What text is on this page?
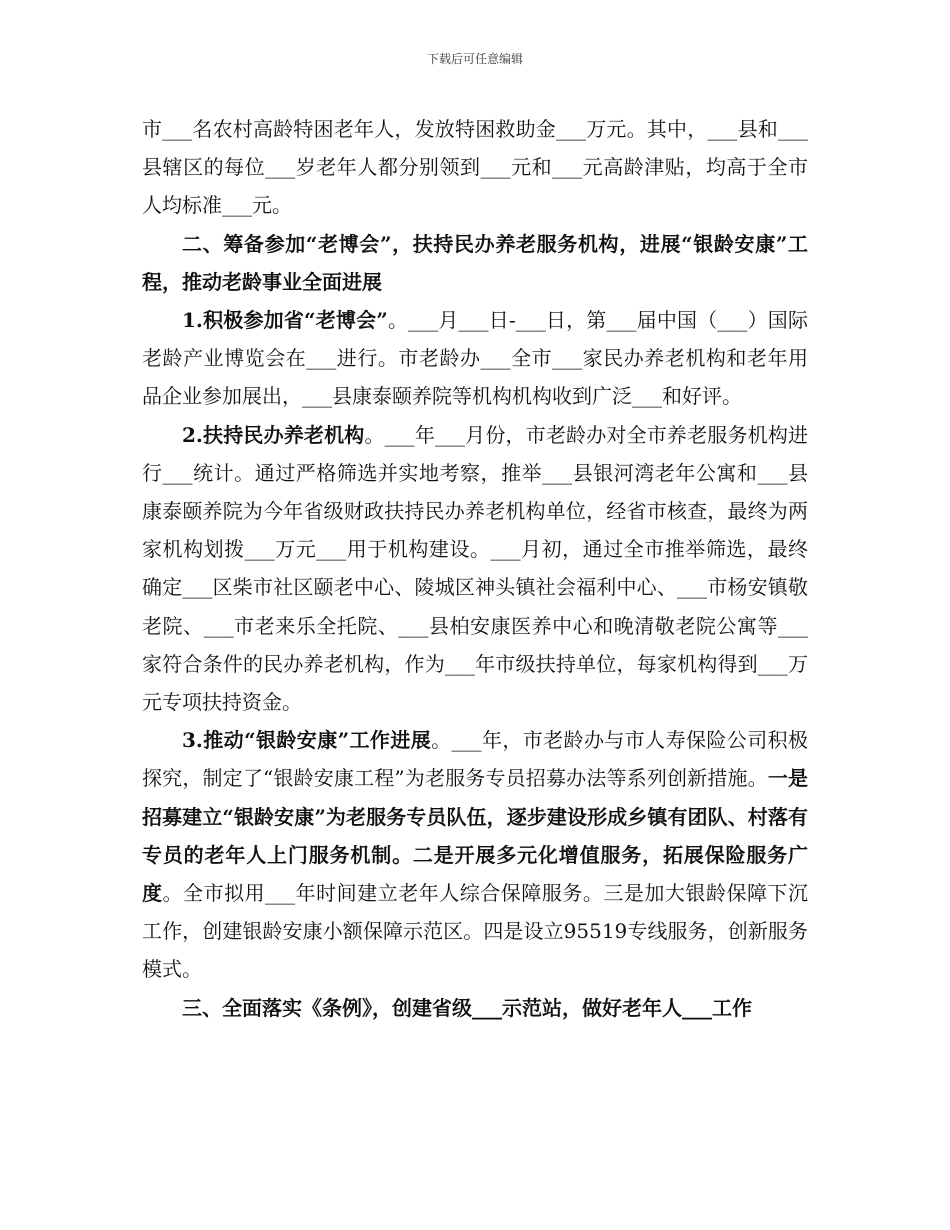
下载后可任意编辑

市___名农村高龄特困老年人，发放特困救助金___万元。其中，___县和___县辖区的每位___岁老年人都分别领到___元和___元高龄津贴，均高于全市人均标准___元。

二、筹备参加“老博会”，扶持民办养老服务机构，进展“银龄安康”工程，推动老龄事业全面进展

1.积极参加省“老博会”。___月___日-___日，第___届中国（___）国际老龄产业博览会在___进行。市老龄办___全市___家民办养老机构和老年用品企业参加展出，___县康泰颐养院等机构机构收到广泛___和好评。

2.扶持民办养老机构。___年___月份，市老龄办对全市养老服务机构进行___统计。通过严格筛选并实地考察，推举___县银河湾老年公寓和___县康泰颐养院为今年省级财政扶持民办养老机构单位，经省市核查，最终为两家机构划拨___万元___用于机构建设。___月初，通过全市推举筛选，最终确定___区柴市社区颐老中心、陵城区神头镇社会福利中心、___市杨安镇敬老院、___市老来乐全托院、___县柏安康医养中心和晚清敬老院公寓等___家符合条件的民办养老机构，作为___年市级扶持单位，每家机构得到___万元专项扶持资金。

3.推动“银龄安康”工作进展。___年，市老龄办与市人寿保险公司积极探究，制定了“银龄安康工程”为老服务专员招募办法等系列创新措施。一是招募建立“银龄安康”为老服务专员队伍，逐步建设形成乡镇有团队、村落有专员的老年人上门服务机制。二是开展多元化增值服务，拓展保险服务广度。全市拟用___年时间建立老年人综合保障服务。三是加大银龄保障下沉工作，创建银龄安康小额保障示范区。四是设立95519专线服务，创新服务模式。

三、全面落实《条例》，创建省级___示范站，做好老年人___工作
